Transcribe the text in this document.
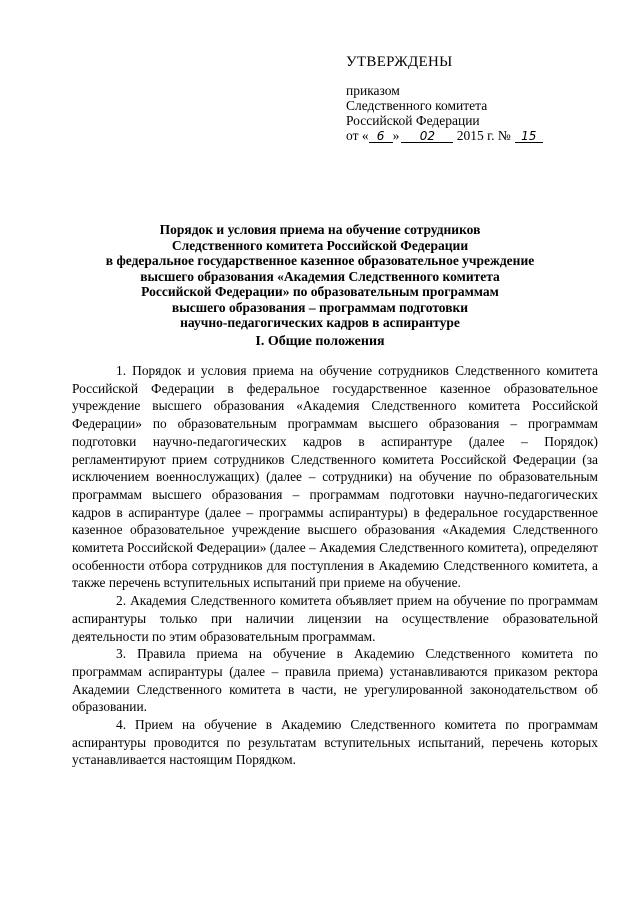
УТВЕРЖДЕНЫ

приказом

Следственного комитета

Российской Федерации

от « 6 » 02 2015 г. № 15

Порядок и условия приема на обучение сотрудников

Следственного комитета Российской Федерации

в федеральное государственное казенное образовательное учреждение

высшего образования «Академия Следственного комитета

Российской Федерации» по образовательным программам

высшего образования – программам подготовки

научно-педагогических кадров в аспирантуре

I. Общие положения

1. Порядок и условия приема на обучение сотрудников Следственного комитета Российской Федерации в федеральное государственное казенное образовательное учреждение высшего образования «Академия Следственного комитета Российской Федерации» по образовательным программам высшего образования – программам подготовки научно-педагогических кадров в аспирантуре (далее – Порядок) регламентируют прием сотрудников Следственного комитета Российской Федерации (за исключением военнослужащих) (далее – сотрудники) на обучение по образовательным программам высшего образования – программам подготовки научно-педагогических кадров в аспирантуре (далее – программы аспирантуры) в федеральное государственное казенное образовательное учреждение высшего образования «Академия Следственного комитета Российской Федерации» (далее – Академия Следственного комитета), определяют особенности отбора сотрудников для поступления в Академию Следственного комитета, а также перечень вступительных испытаний при приеме на обучение.

2. Академия Следственного комитета объявляет прием на обучение по программам аспирантуры только при наличии лицензии на осуществление образовательной деятельности по этим образовательным программам.

3. Правила приема на обучение в Академию Следственного комитета по программам аспирантуры (далее – правила приема) устанавливаются приказом ректора Академии Следственного комитета в части, не урегулированной законодательством об образовании.

4. Прием на обучение в Академию Следственного комитета по программам аспирантуры проводится по результатам вступительных испытаний, перечень которых устанавливается настоящим Порядком.
